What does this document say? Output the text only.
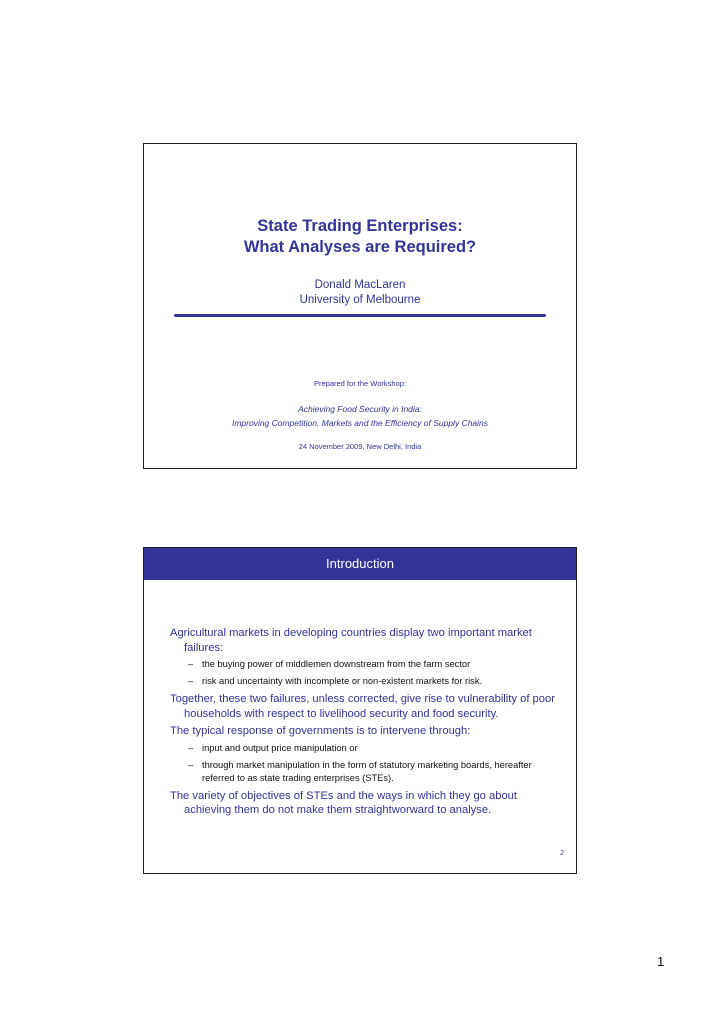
State Trading Enterprises:
What Analyses are Required?
Donald MacLaren
University of Melbourne
Prepared for the Workshop:
Achieving Food Security in India:
Improving Competition, Markets and the Efficiency of Supply Chains
24 November 2009, New Delhi, India
Introduction
Agricultural markets in developing countries display two important market failures:
– the buying power of middlemen downstream from the farm sector
– risk and uncertainty with incomplete or non-existent markets for risk.
Together, these two failures, unless corrected, give rise to vulnerability of poor households with respect to livelihood security and food security.
The typical response of governments is to intervene through:
– input and output price manipulation or
– through market manipulation in the form of statutory marketing boards, hereafter referred to as state trading enterprises (STEs).
The variety of objectives of STEs and the ways in which they go about achieving them do not make them straightworward to analyse.
2
1
